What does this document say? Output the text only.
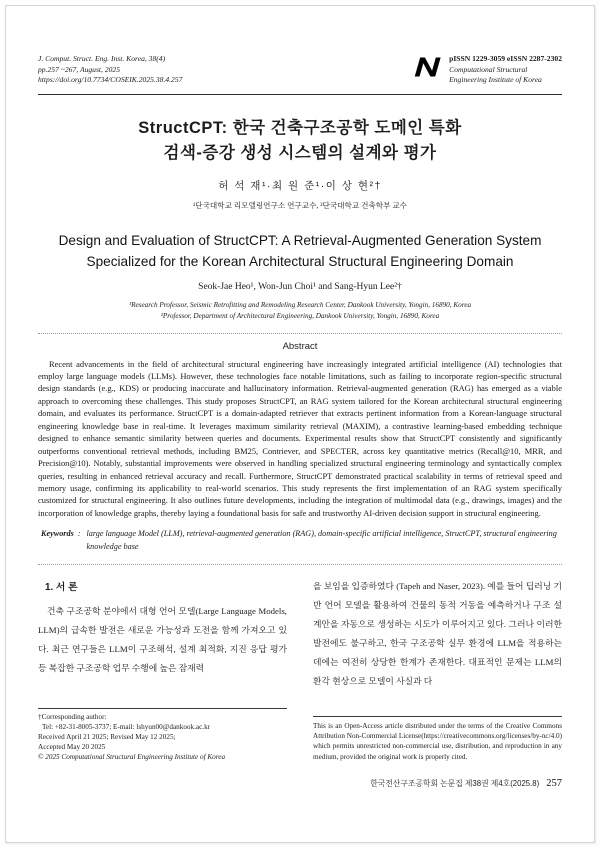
J. Comput. Struct. Eng. Inst. Korea, 38(4)
pp.257 ~267, August, 2025
https://doi.org/10.7734/COSEIK.2025.38.4.257
pISSN 1229-3059 eISSN 2287-2302
Computational Structural
Engineering Institute of Korea
StructCPT: 한국 건축구조공학 도메인 특화
검색-증강 생성 시스템의 설계와 평가
허 석 재¹·최 원 준¹·이 상 현²†
¹단국대학교 리모델링연구소 연구교수, ²단국대학교 건축학부 교수
Design and Evaluation of StructCPT: A Retrieval-Augmented Generation System Specialized for the Korean Architectural Structural Engineering Domain
Seok-Jae Heo¹, Won-Jun Choi¹ and Sang-Hyun Lee²†
¹Research Professor, Seismic Retrofitting and Remodeling Research Center, Dankook University, Yongin, 16890, Korea
²Professor, Department of Architectural Engineering, Dankook University, Yongin, 16890, Korea
Abstract

Recent advancements in the field of architectural structural engineering have increasingly integrated artificial intelligence (AI) technologies that employ large language models (LLMs). However, these technologies face notable limitations, such as failing to incorporate region-specific structural design standards (e.g., KDS) or producing inaccurate and hallucinatory information. Retrieval-augmented generation (RAG) has emerged as a viable approach to overcoming these challenges. This study proposes StructCPT, an RAG system tailored for the Korean architectural structural engineering domain, and evaluates its performance. StructCPT is a domain-adapted retriever that extracts pertinent information from a Korean-language structural engineering knowledge base in real-time. It leverages maximum similarity retrieval (MAXIM), a contrastive learning-based embedding technique designed to enhance semantic similarity between queries and documents. Experimental results show that StructCPT consistently and significantly outperforms conventional retrieval methods, including BM25, Contriever, and SPECTER, across key quantitative metrics (Recall@10, MRR, and Precision@10). Notably, substantial improvements were observed in handling specialized structural engineering terminology and syntactically complex queries, resulting in enhanced retrieval accuracy and recall. Furthermore, StructCPT demonstrated practical scalability in terms of retrieval speed and memory usage, confirming its applicability to real-world scenarios. This study represents the first implementation of an RAG system specifically customized for structural engineering. It also outlines future developments, including the integration of multimodal data (e.g., drawings, images) and the incorporation of knowledge graphs, thereby laying a foundational basis for safe and trustworthy AI-driven decision support in structural engineering.

Keywords : large language Model (LLM), retrieval-augmented generation (RAG), domain-specific artificial intelligence, StructCPT, structural engineering knowledge base
1. 서 론

건축 구조공학 분야에서 대형 언어 모델(Large Language Models, LLM)의 급속한 발전은 새로운 가능성과 도전을 함께 가져오고 있다. 최근 연구들은 LLM이 구조해석, 설계 최적화, 지진 응답 평가 등 복잡한 구조공학 업무 수행에 높은 잠재력

†Corresponding author:
Tel: +82-31-8005-3737; E-mail: lshyun00@dankook.ac.kr
Received April 21 2025; Revised May 12 2025;
Accepted May 20 2025
© 2025 Computational Structural Engineering Institute of Korea

을 보임을 입증하였다 (Tapeh and Naser, 2023). 예를 들어 딥러닝 기반 언어 모델을 활용하여 건물의 동적 거동을 예측하거나 구조 설계안을 자동으로 생성하는 시도가 이루어지고 있다. 그러나 이러한 발전에도 불구하고, 한국 구조공학 실무 환경에 LLM을 적용하는 데에는 여전히 상당한 한계가 존재한다. 대표적인 문제는 LLM의 환각 현상으로 모델이 사실과 다

This is an Open-Access article distributed under the terms of the Creative Commons Attribution Non-Commercial License(https://creativecommons.org/licenses/by-nc/4.0) which permits unrestricted non-commercial use, distribution, and reproduction in any medium, provided the original work is properly cited.
한국전산구조공학회 논문집 제38권 제4호(2025.8) 257
